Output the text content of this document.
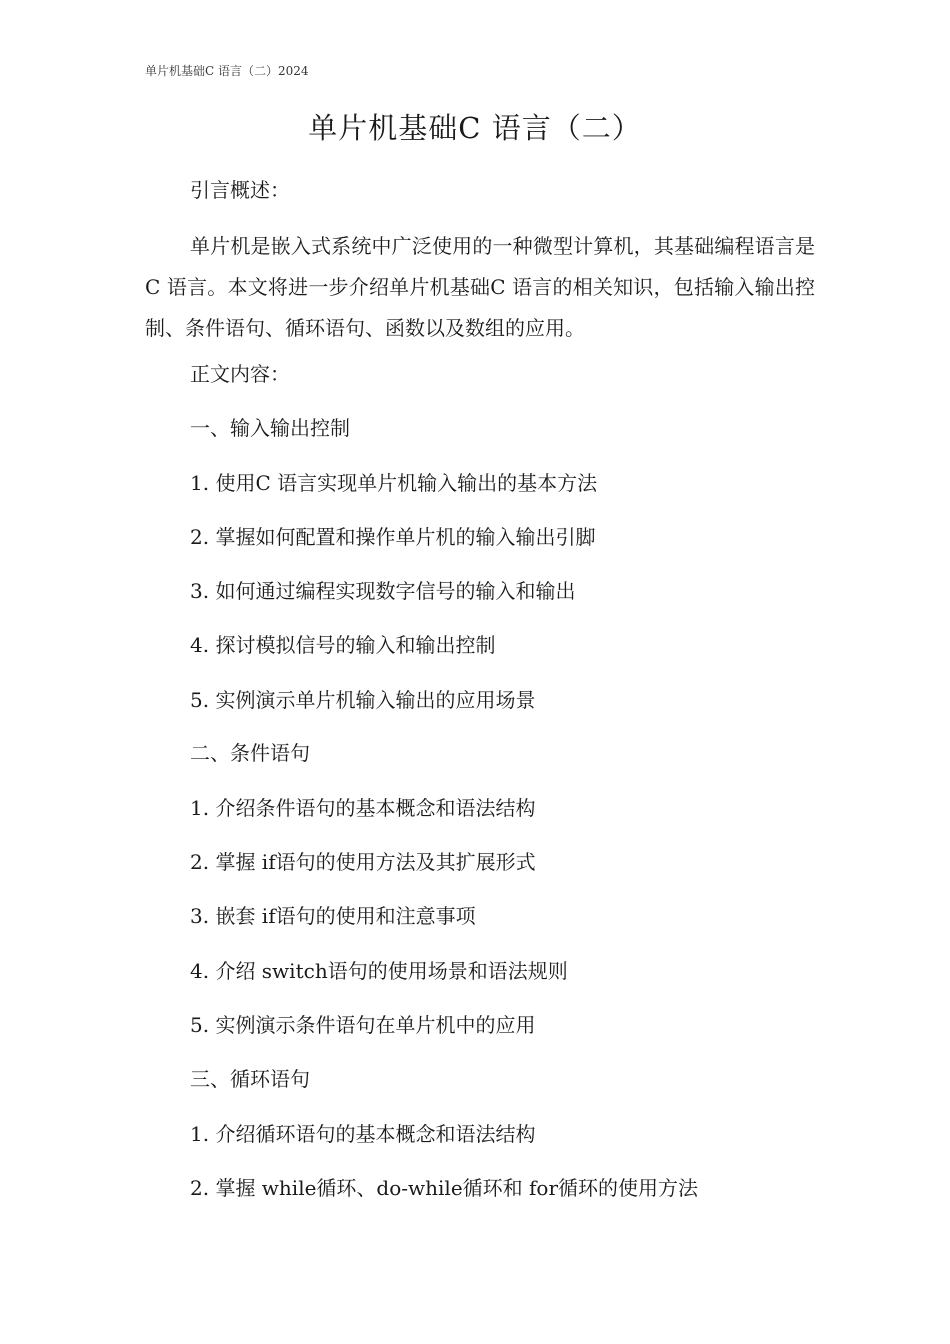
单片机基础C 语言（二）2024
单片机基础C 语言（二）
引言概述：
单片机是嵌入式系统中广泛使用的一种微型计算机，其基础编程语言是C 语言。本文将进一步介绍单片机基础C 语言的相关知识，包括输入输出控制、条件语句、循环语句、函数以及数组的应用。
正文内容：
一、输入输出控制
1. 使用C 语言实现单片机输入输出的基本方法
2. 掌握如何配置和操作单片机的输入输出引脚
3. 如何通过编程实现数字信号的输入和输出
4. 探讨模拟信号的输入和输出控制
5. 实例演示单片机输入输出的应用场景
二、条件语句
1. 介绍条件语句的基本概念和语法结构
2. 掌握 if语句的使用方法及其扩展形式
3. 嵌套 if语句的使用和注意事项
4. 介绍 switch语句的使用场景和语法规则
5. 实例演示条件语句在单片机中的应用
三、循环语句
1. 介绍循环语句的基本概念和语法结构
2. 掌握 while循环、do-while循环和 for循环的使用方法
